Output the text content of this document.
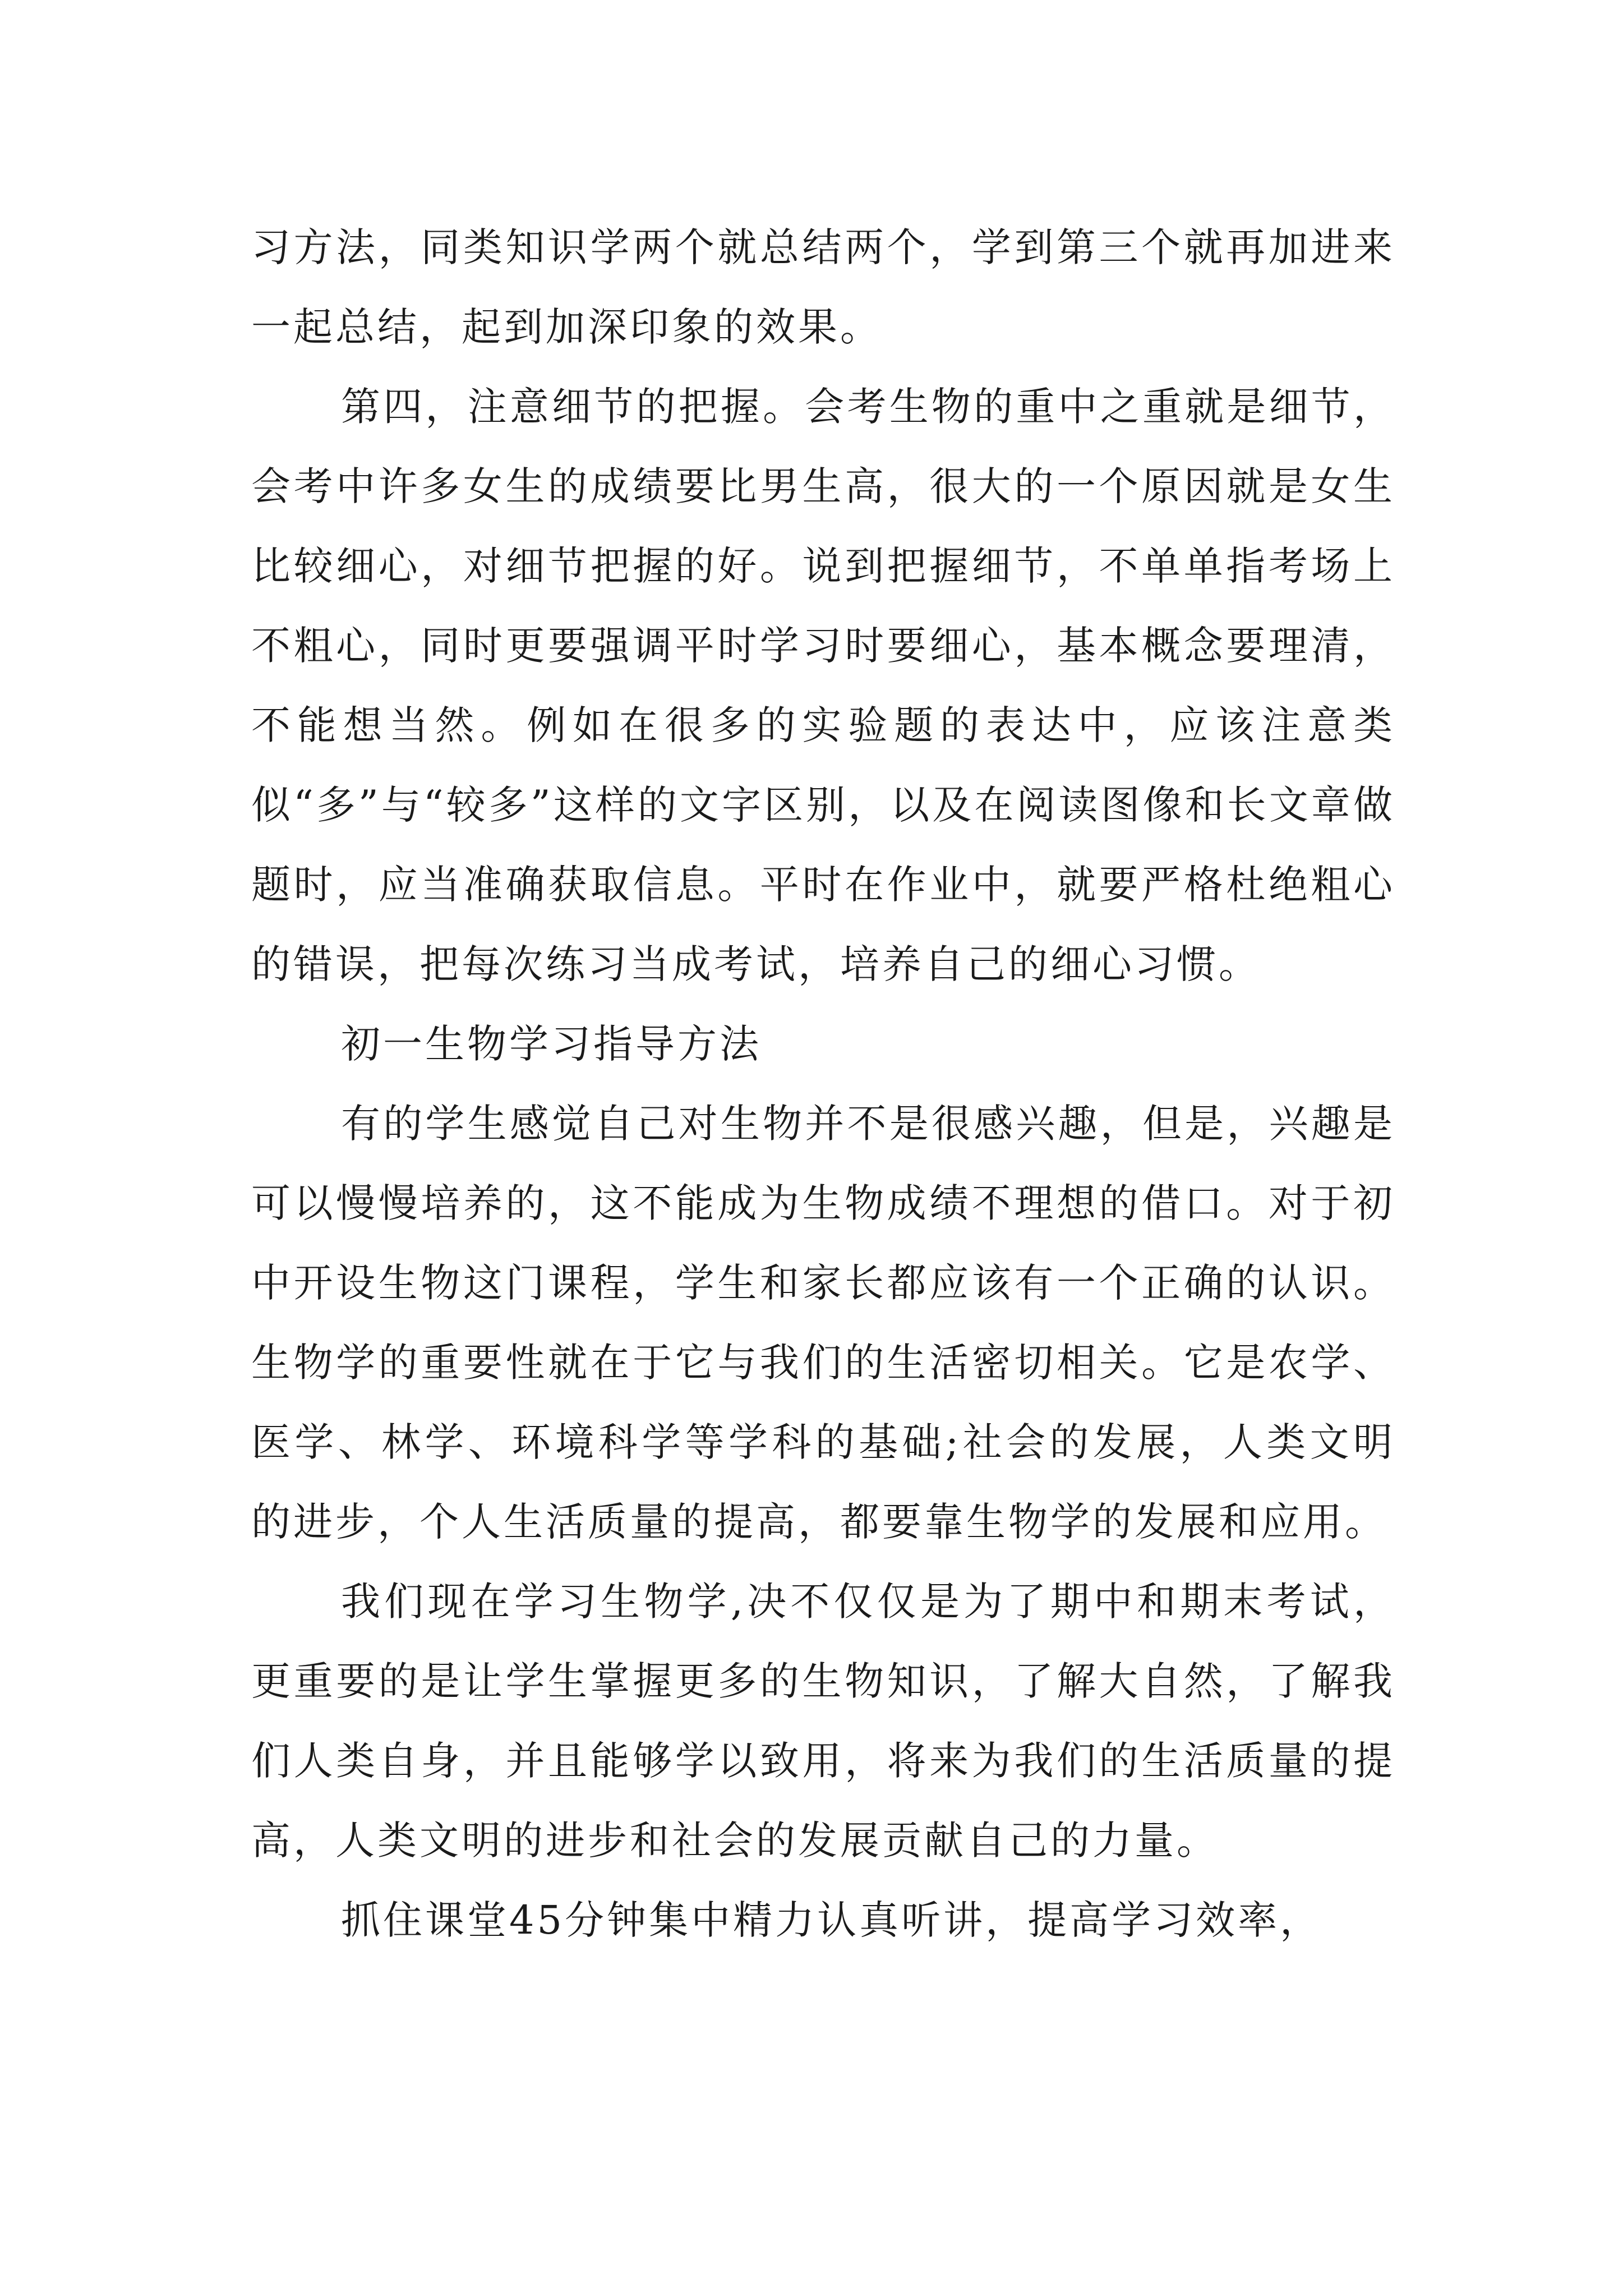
习方法，同类知识学两个就总结两个，学到第三个就再加进来一起总结，起到加深印象的效果。

第四，注意细节的把握。会考生物的重中之重就是细节，会考中许多女生的成绩要比男生高，很大的一个原因就是女生比较细心，对细节把握的好。说到把握细节，不单单指考场上不粗心，同时更要强调平时学习时要细心，基本概念要理清，不能想当然。例如在很多的实验题的表达中，应该注意类似“多”与“较多”这样的文字区别，以及在阅读图像和长文章做题时，应当准确获取信息。平时在作业中，就要严格杜绝粗心的错误，把每次练习当成考试，培养自己的细心习惯。

初一生物学习指导方法

有的学生感觉自己对生物并不是很感兴趣，但是，兴趣是可以慢慢培养的，这不能成为生物成绩不理想的借口。对于初中开设生物这门课程，学生和家长都应该有一个正确的认识。生物学的重要性就在于它与我们的生活密切相关。它是农学、医学、林学、环境科学等学科的基础;社会的发展，人类文明的进步，个人生活质量的提高，都要靠生物学的发展和应用。

我们现在学习生物学,决不仅仅是为了期中和期末考试，更重要的是让学生掌握更多的生物知识，了解大自然，了解我们人类自身，并且能够学以致用，将来为我们的生活质量的提高，人类文明的进步和社会的发展贡献自己的力量。

抓住课堂45分钟集中精力认真听讲，提高学习效率，
